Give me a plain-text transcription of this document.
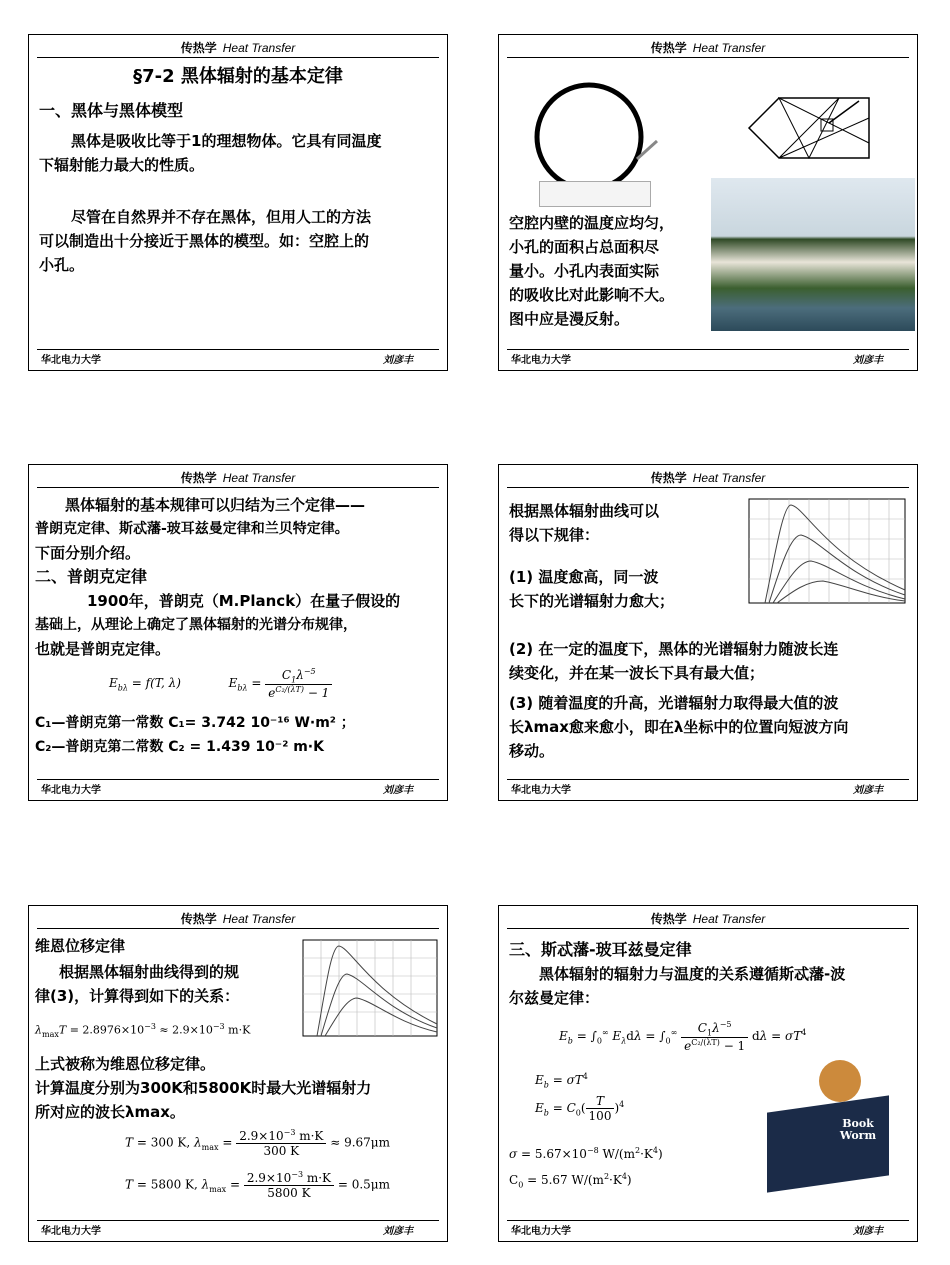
传热学 Heat Transfer
§7-2 黑体辐射的基本定律
一、黑体与黑体模型
黑体是吸收比等于1的理想物体。它具有同温度
下辐射能力最大的性质。
尽管在自然界并不存在黑体，但用人工的方法
可以制造出十分接近于黑体的模型。如：空腔上的
小孔。
华北电力大学	刘彦丰
传热学 Heat Transfer
空腔内壁的温度应均匀，
小孔的面积占总面积尽
量小。小孔内表面实际
的吸收比对此影响不大。
图中应是漫反射。
华北电力大学	刘彦丰
传热学 Heat Transfer
黑体辐射的基本规律可以归结为三个定律——
普朗克定律、斯忒藩-玻耳兹曼定律和兰贝特定律。
下面分别介绍。
二、普朗克定律
1900年，普朗克（M.Planck）在量子假设的
基础上，从理论上确定了黑体辐射的光谱分布规律，
也就是普朗克定律。
$E_{b\lambda} = f(T$, λ)	$E_{b\lambda} = \frac{C_1\lambda^{-5}}{e^{C_2/(\lambda T)} - 1}$
C₁—普朗克第一常数 C₁= 3.742 10⁻¹⁶ W·m² ；
C₂—普朗克第二常数 C₂ = 1.439 10⁻² m·K
华北电力大学	刘彦丰
传热学 Heat Transfer
根据黑体辐射曲线可以
得以下规律：
(1) 温度愈高，同一波
长下的光谱辐射力愈大；
(2) 在一定的温度下，黑体的光谱辐射力随波长连
续变化，并在某一波长下具有最大值；
(3) 随着温度的升高，光谱辐射力取得最大值的波
长λmax愈来愈小，即在λ坐标中的位置向短波方向
移动。
华北电力大学	刘彦丰
传热学 Heat Transfer
维恩位移定律
根据黑体辐射曲线得到的规
律(3)，计算得到如下的关系：
$\lambda_{max}T = 2.8976\times 10^{-3} \approx 2.9\times 10^{-3}$ m·K
上式被称为维恩位移定律。
计算温度分别为300K和5800K时最大光谱辐射力
所对应的波长λmax。
T = 300 K, $\lambda_{max} = \frac{2.9\times 10^{-3} m\cdot K}{300 K} \approx 9.67\mu m$
T = 5800 K, $\lambda_{max} = \frac{2.9\times 10^{-3} m\cdot K}{5800 K} = 0.5\mu m$
华北电力大学	刘彦丰
传热学 Heat Transfer
三、斯忒藩-玻耳兹曼定律
黑体辐射的辐射力与温度的关系遵循斯忒藩-波
尔兹曼定律：
$E_b = \int_0^\infty$ $E_\lambda d\lambda = \int_0^\infty \frac{C_1\lambda^{-5}}{e^{C_2/(\lambda T)} - 1}$ $d\lambda = \sigma T^4$
$E_b = \sigma T^4$
$E_b = C_0( \frac{T}{100} )^4$
$\sigma = 5.67\times 10^{-8}$ $W/(m^2\cdot K^4)$
$C_0 = 5.67$ $W/(m^2\cdot K^4)$
Book Worm
华北电力大学	刘彦丰
